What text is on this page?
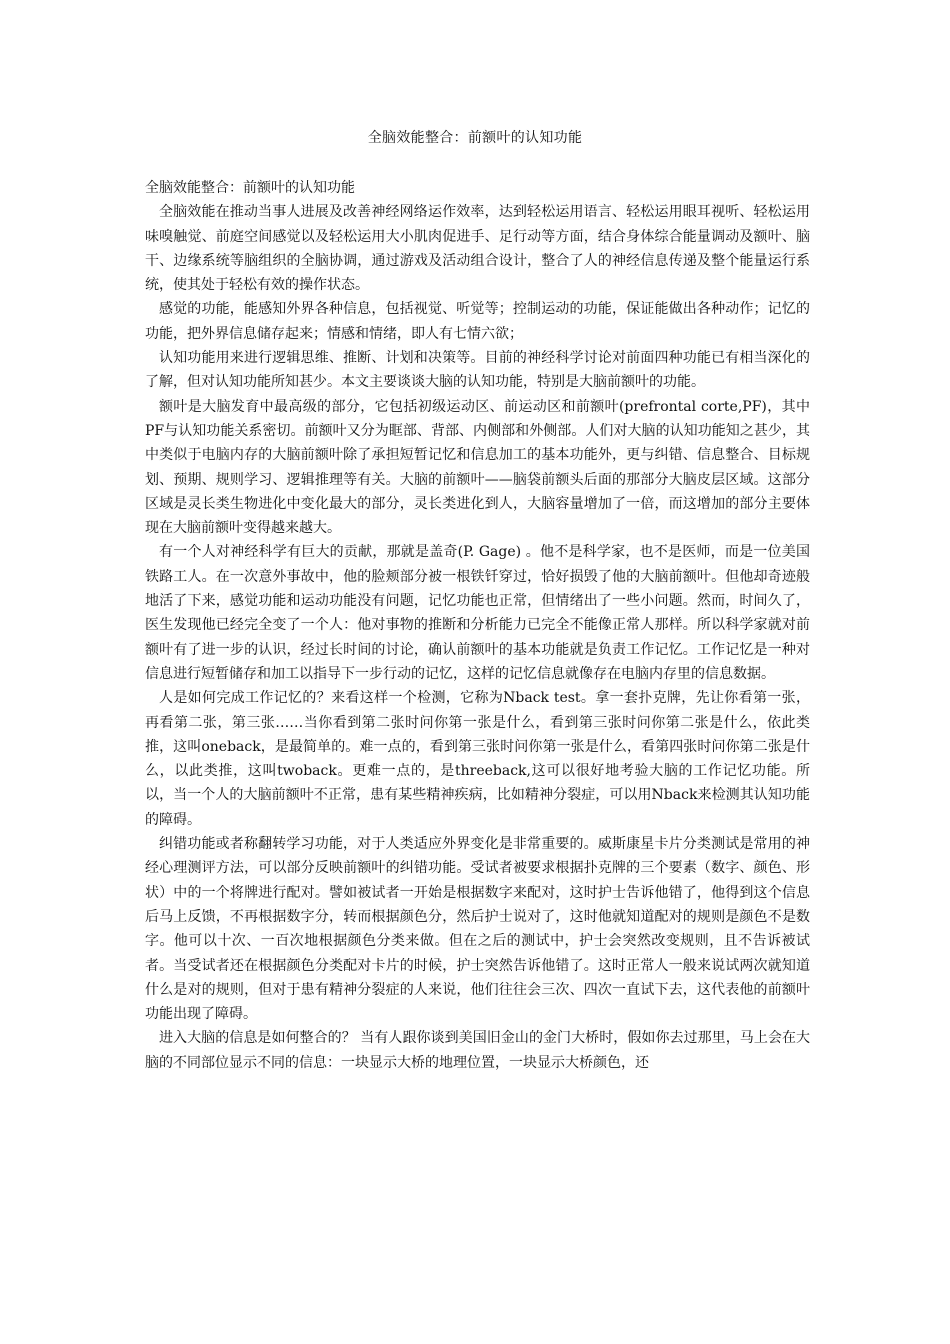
全脑效能整合：前额叶的认知功能

全脑效能整合：前额叶的认知功能

全脑效能在推动当事人进展及改善神经网络运作效率，达到轻松运用语言、轻松运用眼耳视听、轻松运用味嗅触觉、前庭空间感觉以及轻松运用大小肌肉促进手、足行动等方面，结合身体综合能量调动及额叶、脑干、边缘系统等脑组织的全脑协调，通过游戏及活动组合设计，整合了人的神经信息传递及整个能量运行系统，使其处于轻松有效的操作状态。

感觉的功能，能感知外界各种信息，包括视觉、听觉等；控制运动的功能，保证能做出各种动作；记忆的功能，把外界信息储存起来；情感和情绪，即人有七情六欲；

认知功能用来进行逻辑思维、推断、计划和决策等。目前的神经科学讨论对前面四种功能已有相当深化的了解，但对认知功能所知甚少。本文主要谈谈大脑的认知功能，特别是大脑前额叶的功能。

额叶是大脑发育中最高级的部分，它包括初级运动区、前运动区和前额叶(prefrontal corte,PF)，其中PF与认知功能关系密切。前额叶又分为眶部、背部、内侧部和外侧部。人们对大脑的认知功能知之甚少，其中类似于电脑内存的大脑前额叶除了承担短暂记忆和信息加工的基本功能外，更与纠错、信息整合、目标规划、预期、规则学习、逻辑推理等有关。大脑的前额叶——脑袋前额头后面的那部分大脑皮层区域。这部分区域是灵长类生物进化中变化最大的部分，灵长类进化到人，大脑容量增加了一倍，而这增加的部分主要体现在大脑前额叶变得越来越大。

有一个人对神经科学有巨大的贡献，那就是盖奇(P. Gage) 。他不是科学家，也不是医师，而是一位美国铁路工人。在一次意外事故中，他的脸颊部分被一根铁钎穿过，恰好损毁了他的大脑前额叶。但他却奇迹般地活了下来，感觉功能和运动功能没有问题，记忆功能也正常，但情绪出了一些小问题。然而，时间久了，医生发现他已经完全变了一个人：他对事物的推断和分析能力已完全不能像正常人那样。所以科学家就对前额叶有了进一步的认识，经过长时间的讨论，确认前额叶的基本功能就是负责工作记忆。工作记忆是一种对信息进行短暂储存和加工以指导下一步行动的记忆，这样的记忆信息就像存在电脑内存里的信息数据。

人是如何完成工作记忆的？来看这样一个检测，它称为Nback test。拿一套扑克牌，先让你看第一张，再看第二张，第三张……当你看到第二张时问你第一张是什么，看到第三张时问你第二张是什么，依此类推，这叫oneback，是最简单的。难一点的，看到第三张时问你第一张是什么，看第四张时问你第二张是什么，以此类推，这叫twoback。更难一点的，是threeback,这可以很好地考验大脑的工作记忆功能。所以，当一个人的大脑前额叶不正常，患有某些精神疾病，比如精神分裂症，可以用Nback来检测其认知功能的障碍。

纠错功能或者称翻转学习功能，对于人类适应外界变化是非常重要的。威斯康星卡片分类测试是常用的神经心理测评方法，可以部分反映前额叶的纠错功能。受试者被要求根据扑克牌的三个要素（数字、颜色、形状）中的一个将牌进行配对。譬如被试者一开始是根据数字来配对，这时护士告诉他错了，他得到这个信息后马上反馈，不再根据数字分，转而根据颜色分，然后护士说对了，这时他就知道配对的规则是颜色不是数字。他可以十次、一百次地根据颜色分类来做。但在之后的测试中，护士会突然改变规则，且不告诉被试者。当受试者还在根据颜色分类配对卡片的时候，护士突然告诉他错了。这时正常人一般来说试两次就知道什么是对的规则，但对于患有精神分裂症的人来说，他们往往会三次、四次一直试下去，这代表他的前额叶功能出现了障碍。

进入大脑的信息是如何整合的？ 当有人跟你谈到美国旧金山的金门大桥时，假如你去过那里，马上会在大脑的不同部位显示不同的信息：一块显示大桥的地理位置，一块显示大桥颜色，还
